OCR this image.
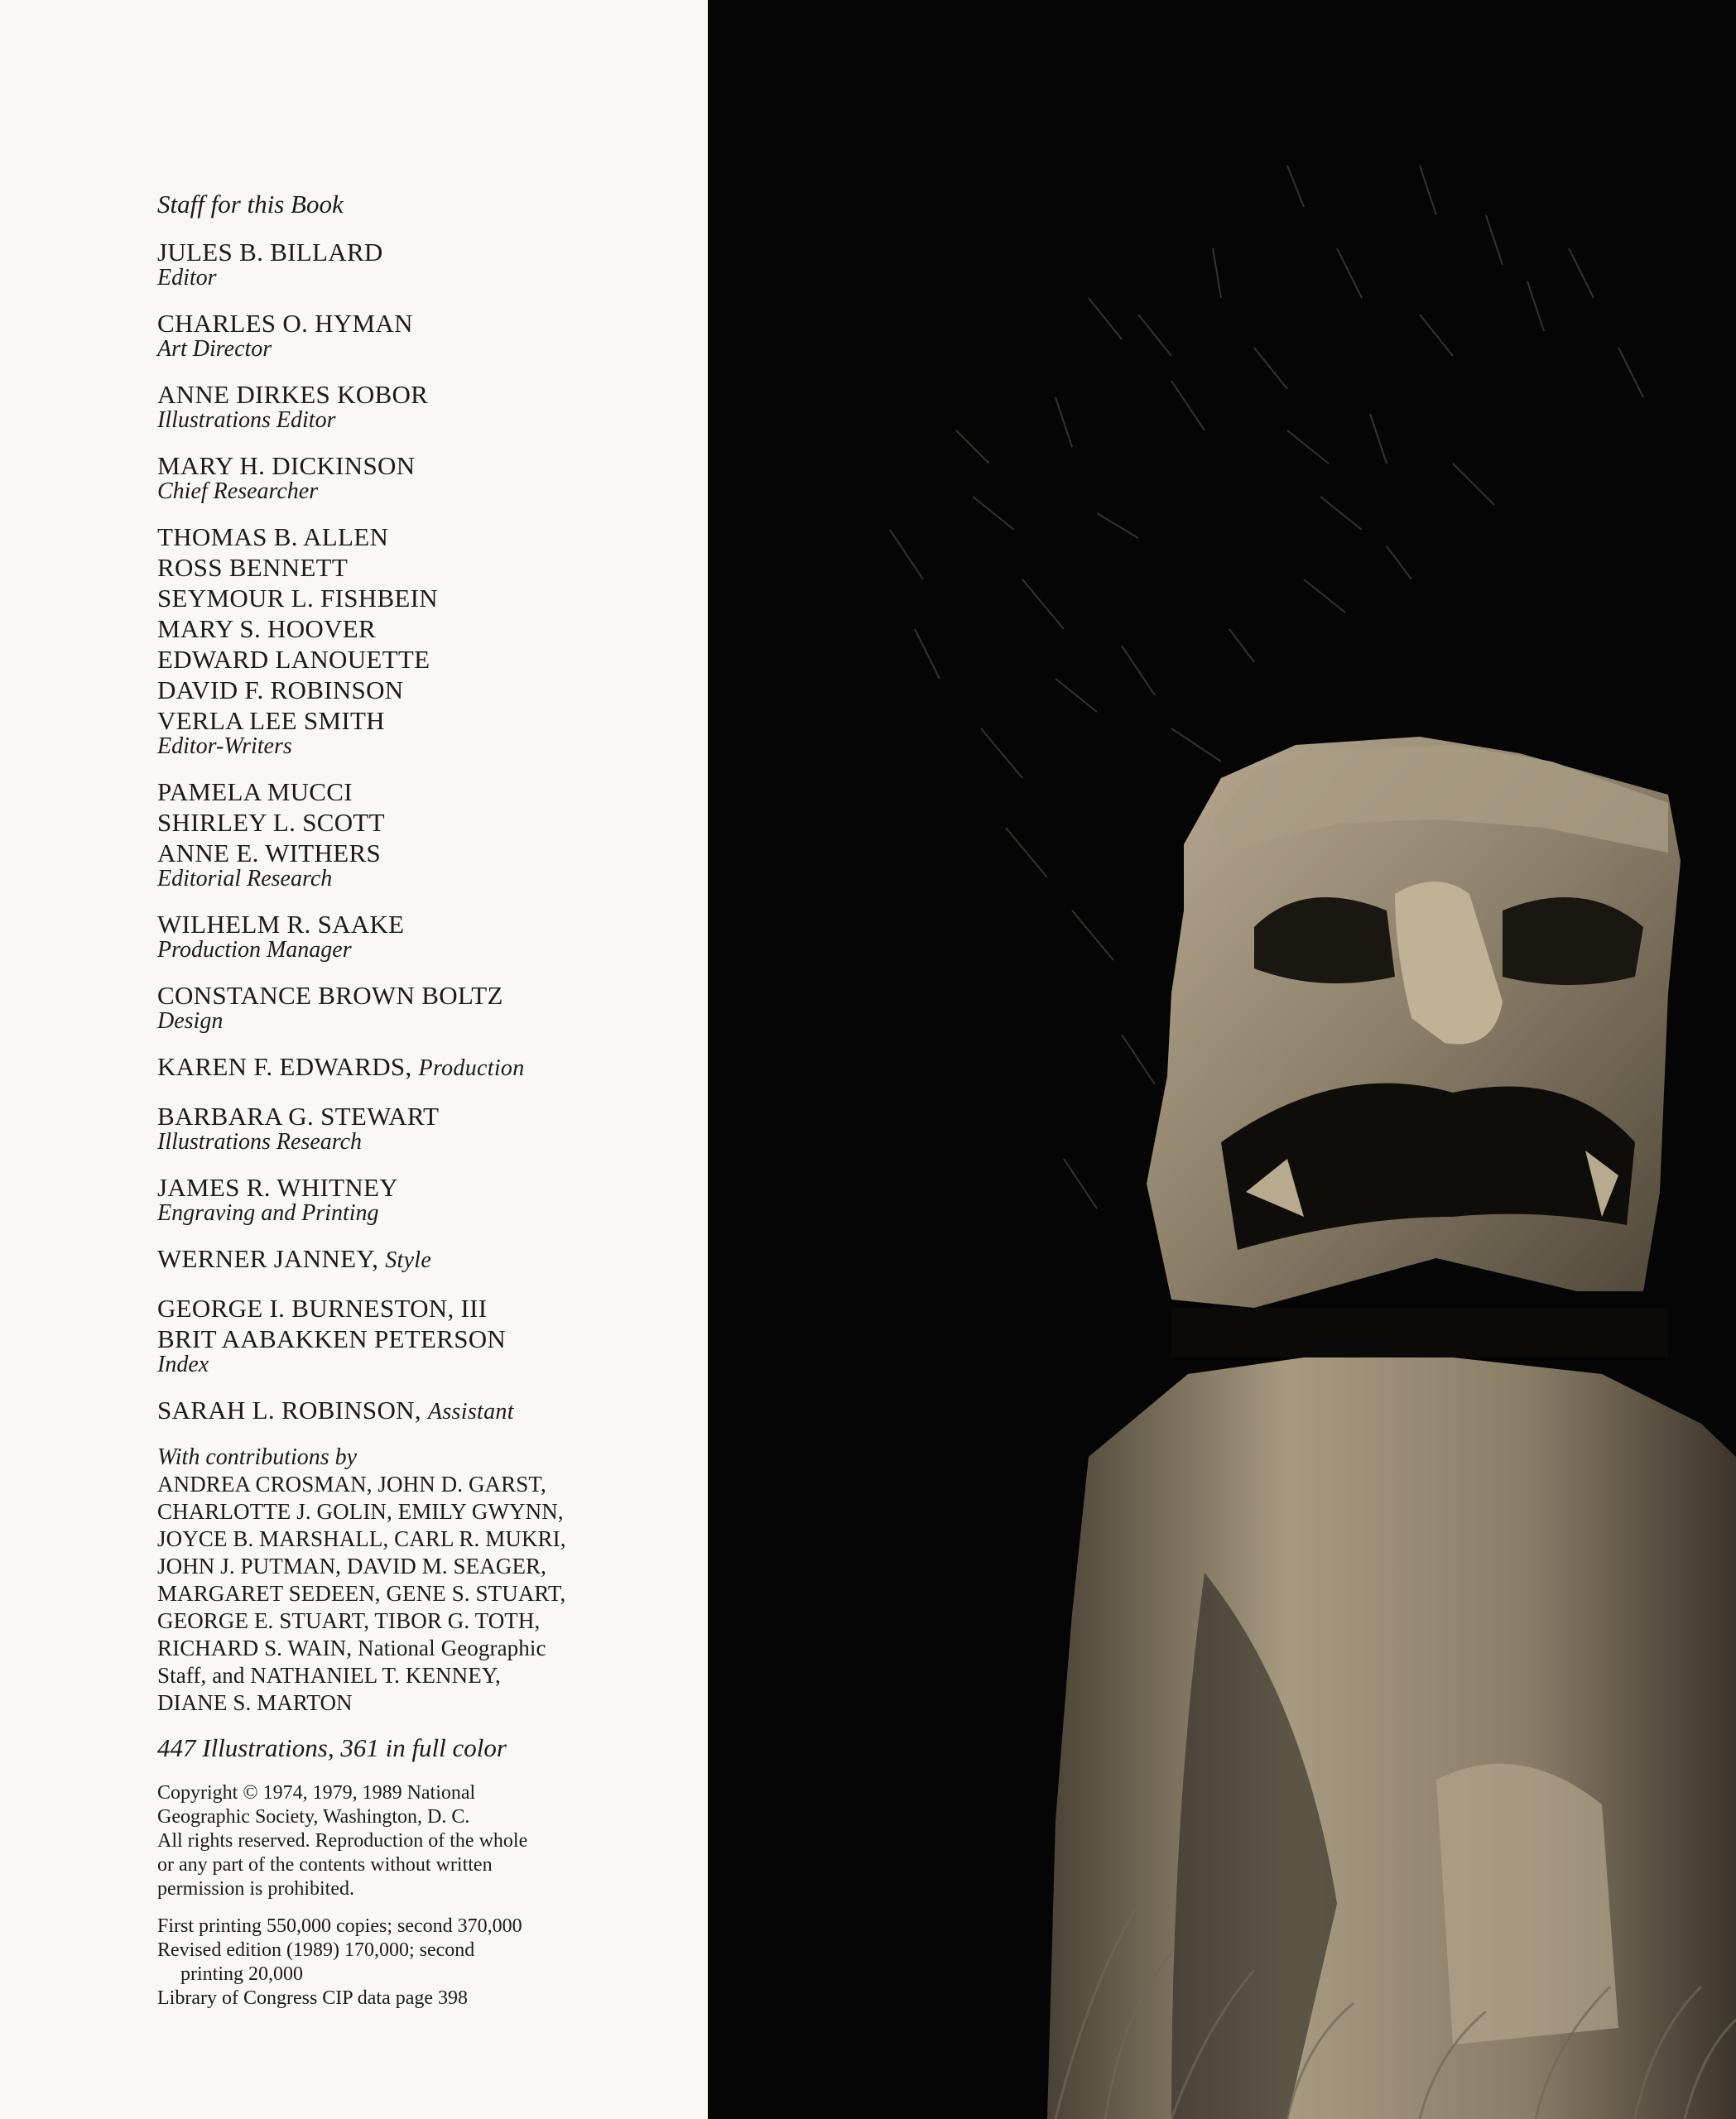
Staff for this Book
JULES B. BILLARD
Editor
CHARLES O. HYMAN
Art Director
ANNE DIRKES KOBOR
Illustrations Editor
MARY H. DICKINSON
Chief Researcher
THOMAS B. ALLEN
ROSS BENNETT
SEYMOUR L. FISHBEIN
MARY S. HOOVER
EDWARD LANOUETTE
DAVID F. ROBINSON
VERLA LEE SMITH
Editor-Writers
PAMELA MUCCI
SHIRLEY L. SCOTT
ANNE E. WITHERS
Editorial Research
WILHELM R. SAAKE
Production Manager
CONSTANCE BROWN BOLTZ
Design
KAREN F. EDWARDS, Production
BARBARA G. STEWART
Illustrations Research
JAMES R. WHITNEY
Engraving and Printing
WERNER JANNEY, Style
GEORGE I. BURNESTON, III
BRIT AABAKKEN PETERSON
Index
SARAH L. ROBINSON, Assistant
With contributions by
ANDREA CROSMAN, JOHN D. GARST,
CHARLOTTE J. GOLIN, EMILY GWYNN,
JOYCE B. MARSHALL, CARL R. MUKRI,
JOHN J. PUTMAN, DAVID M. SEAGER,
MARGARET SEDEEN, GENE S. STUART,
GEORGE E. STUART, TIBOR G. TOTH,
RICHARD S. WAIN, National Geographic
Staff, and NATHANIEL T. KENNEY,
DIANE S. MARTON
447 Illustrations, 361 in full color
Copyright © 1974, 1979, 1989 National
Geographic Society, Washington, D. C.
All rights reserved. Reproduction of the whole
or any part of the contents without written
permission is prohibited.
First printing 550,000 copies; second 370,000
Revised edition (1989) 170,000; second
printing 20,000
Library of Congress CIP data page 398
